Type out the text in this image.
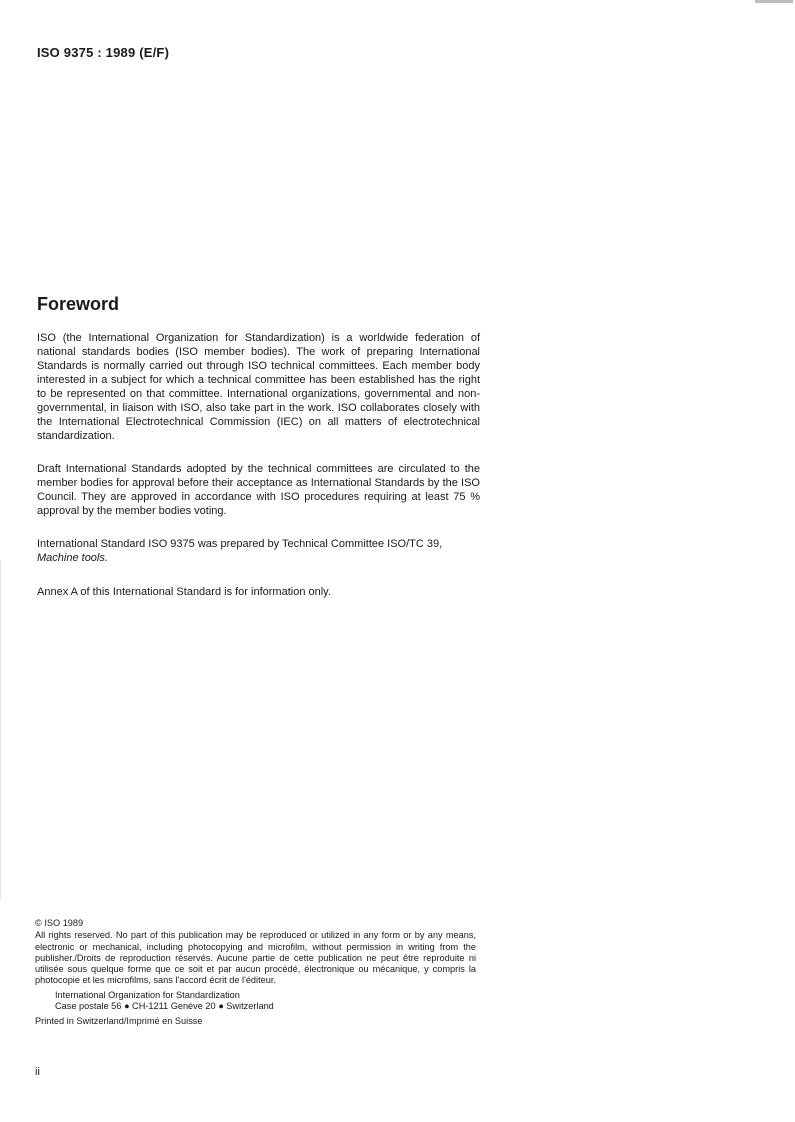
ISO 9375 : 1989 (E/F)
Foreword

ISO (the International Organization for Standardization) is a worldwide federation of national standards bodies (ISO member bodies). The work of preparing International Standards is normally carried out through ISO technical committees. Each member body interested in a subject for which a technical committee has been established has the right to be represented on that committee. International organizations, governmental and non-governmental, in liaison with ISO, also take part in the work. ISO collaborates closely with the International Electrotechnical Commission (IEC) on all matters of electrotechnical standardization.

Draft International Standards adopted by the technical committees are circulated to the member bodies for approval before their acceptance as International Standards by the ISO Council. They are approved in accordance with ISO procedures requiring at least 75 % approval by the member bodies voting.

International Standard ISO 9375 was prepared by Technical Committee ISO/TC 39,
Machine tools.

Annex A of this International Standard is for information only.

© ISO 1989
All rights reserved. No part of this publication may be reproduced or utilized in any form or by any means, electronic or mechanical, including photocopying and microfilm, without permission in writing from the publisher./Droits de reproduction réservés. Aucune partie de cette publication ne peut être reproduite ni utilisée sous quelque forme que ce soit et par aucun procédé, électronique ou mécanique, y compris la photocopie et les microfilms, sans l'accord écrit de l'éditeur.
International Organization for Standardization
Case postale 56 ● CH-1211 Genève 20 ● Switzerland
Printed in Switzerland/Imprimé en Suisse
ii
